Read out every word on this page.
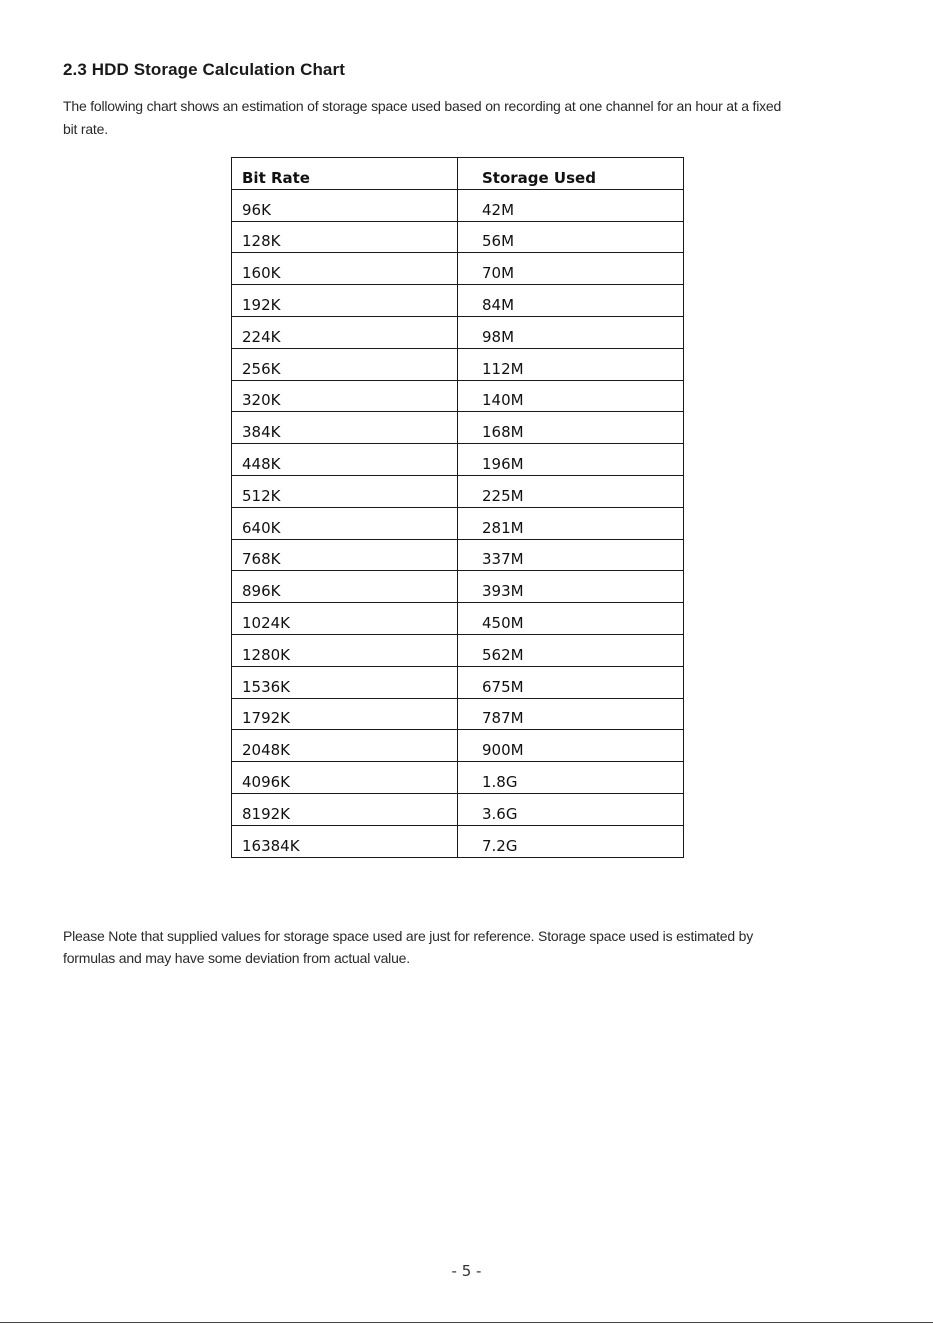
2.3 HDD Storage Calculation Chart

The following chart shows an estimation of storage space used based on recording at one channel for an hour at a fixed bit rate.

Bit Rate	Storage Used
96K	42M
128K	56M
160K	70M
192K	84M
224K	98M
256K	112M
320K	140M
384K	168M
448K	196M
512K	225M
640K	281M
768K	337M
896K	393M
1024K	450M
1280K	562M
1536K	675M
1792K	787M
2048K	900M
4096K	1.8G
8192K	3.6G
16384K	7.2G

Please Note that supplied values for storage space used are just for reference. Storage space used is estimated by formulas and may have some deviation from actual value.

- 5 -
